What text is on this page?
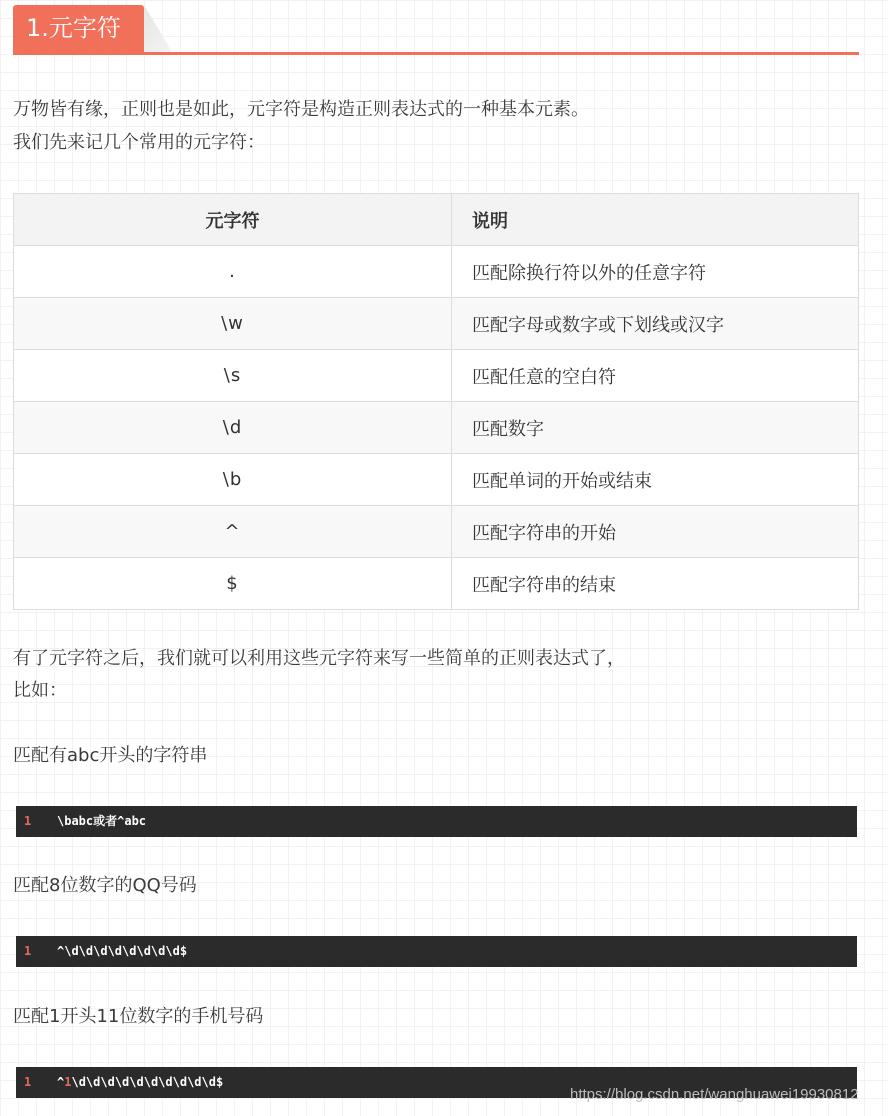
1.元字符

万物皆有缘，正则也是如此，元字符是构造正则表达式的一种基本元素。

我们先来记几个常用的元字符：

元字符	说明
.	匹配除换行符以外的任意字符
\w	匹配字母或数字或下划线或汉字
\s	匹配任意的空白符
\d	匹配数字
\b	匹配单词的开始或结束
^	匹配字符串的开始
$	匹配字符串的结束

有了元字符之后，我们就可以利用这些元字符来写一些简单的正则表达式了，

比如：

匹配有abc开头的字符串

1 \babc或者^abc

匹配8位数字的QQ号码

1 ^\d\d\d\d\d\d\d\d$

匹配1开头11位数字的手机号码

1 ^1\d\d\d\d\d\d\d\d\d\d$
https://blog.csdn.net/wanghuawei19930812
